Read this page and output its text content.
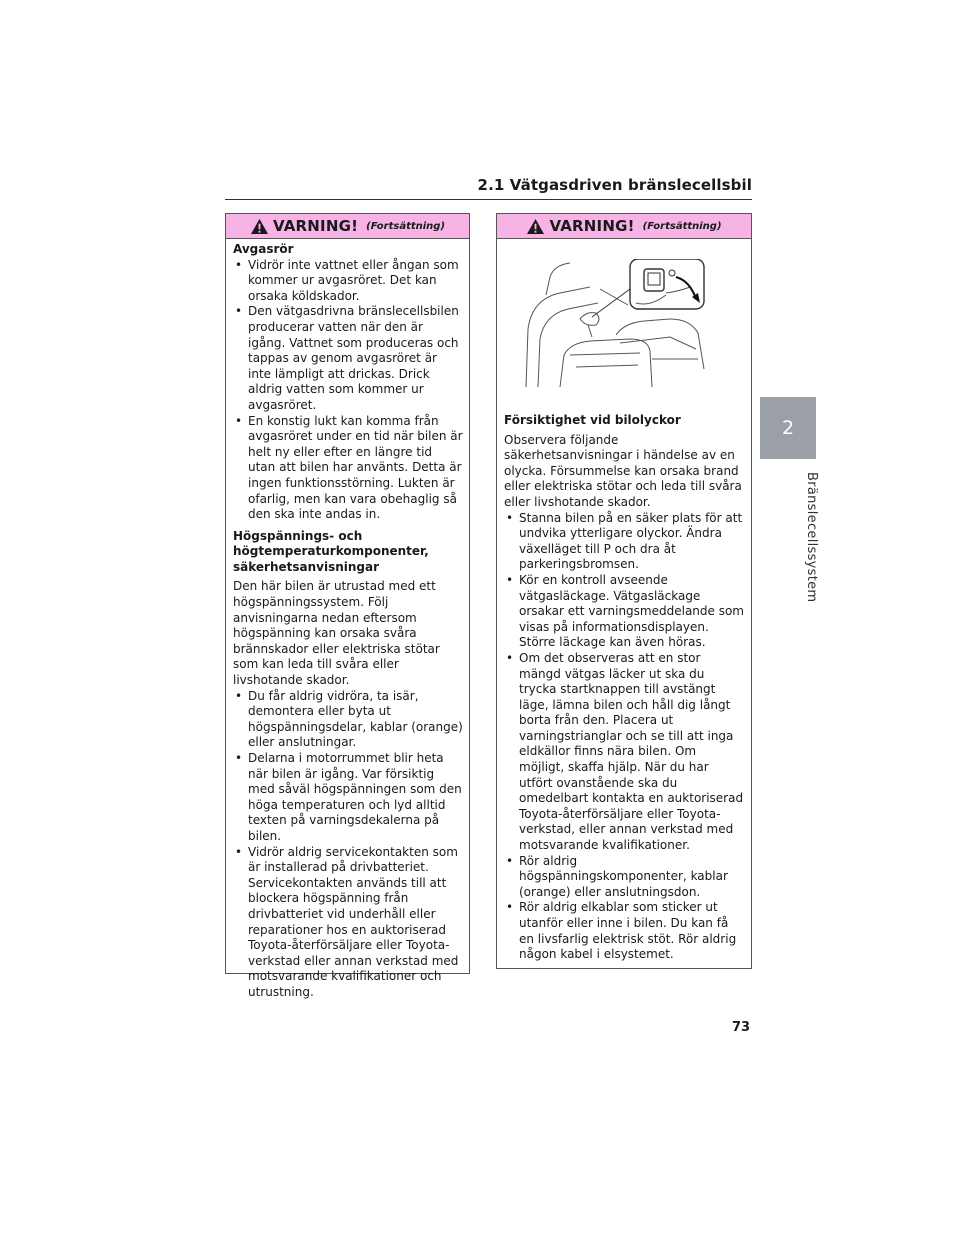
2.1 Vätgasdriven bränslecellsbil
2
Bränslecellssystem
VARNING! (Fortsättning)
Avgasrör
• Vidrör inte vattnet eller ångan som kommer ur avgasröret. Det kan orsaka köldskador.
• Den vätgasdrivna bränslecellsbilen producerar vatten när den är igång. Vattnet som produceras och tappas av genom avgasröret är inte lämpligt att drickas. Drick aldrig vatten som kommer ur avgasröret.
• En konstig lukt kan komma från avgasröret under en tid när bilen är helt ny eller efter en längre tid utan att bilen har använts. Detta är ingen funktionsstörning. Lukten är ofarlig, men kan vara obehaglig så den ska inte andas in.
Högspännings- och högtemperaturkomponenter, säkerhetsanvisningar

Den här bilen är utrustad med ett högspänningssystem. Följ anvisningarna nedan eftersom högspänning kan orsaka svåra brännskador eller elektriska stötar som kan leda till svåra eller livshotande skador.

• Du får aldrig vidröra, ta isär, demontera eller byta ut högspänningsdelar, kablar (orange) eller anslutningar.
• Delarna i motorrummet blir heta när bilen är igång. Var försiktig med såväl högspänningen som den höga temperaturen och lyd alltid texten på varningsdekalerna på bilen.
• Vidrör aldrig servicekontakten som är installerad på drivbatteriet. Servicekontakten används till att blockera högspänning från drivbatteriet vid underhåll eller reparationer hos en auktoriserad Toyota-återförsäljare eller Toyota-verkstad eller annan verkstad med motsvarande kvalifikationer och utrustning.
VARNING! (Fortsättning)
Försiktighet vid bilolyckor

Observera följande säkerhetsanvisningar i händelse av en olycka. Försummelse kan orsaka brand eller elektriska stötar och leda till svåra eller livshotande skador.

• Stanna bilen på en säker plats för att undvika ytterligare olyckor. Ändra växelläget till P och dra åt parkeringsbromsen.
• Kör en kontroll avseende vätgasläckage. Vätgasläckage orsakar ett varningsmeddelande som visas på informationsdisplayen. Större läckage kan även höras.
• Om det observeras att en stor mängd vätgas läcker ut ska du trycka startknappen till avstängt läge, lämna bilen och håll dig långt borta från den. Placera ut varningstrianglar och se till att inga eldkällor finns nära bilen. Om möjligt, skaffa hjälp. När du har utfört ovanstående ska du omedelbart kontakta en auktoriserad Toyota-återförsäljare eller Toyota-verkstad, eller annan verkstad med motsvarande kvalifikationer.
• Rör aldrig högspänningskomponenter, kablar (orange) eller anslutningsdon.
• Rör aldrig elkablar som sticker ut utanför eller inne i bilen. Du kan få en livsfarlig elektrisk stöt. Rör aldrig någon kabel i elsystemet.
73
